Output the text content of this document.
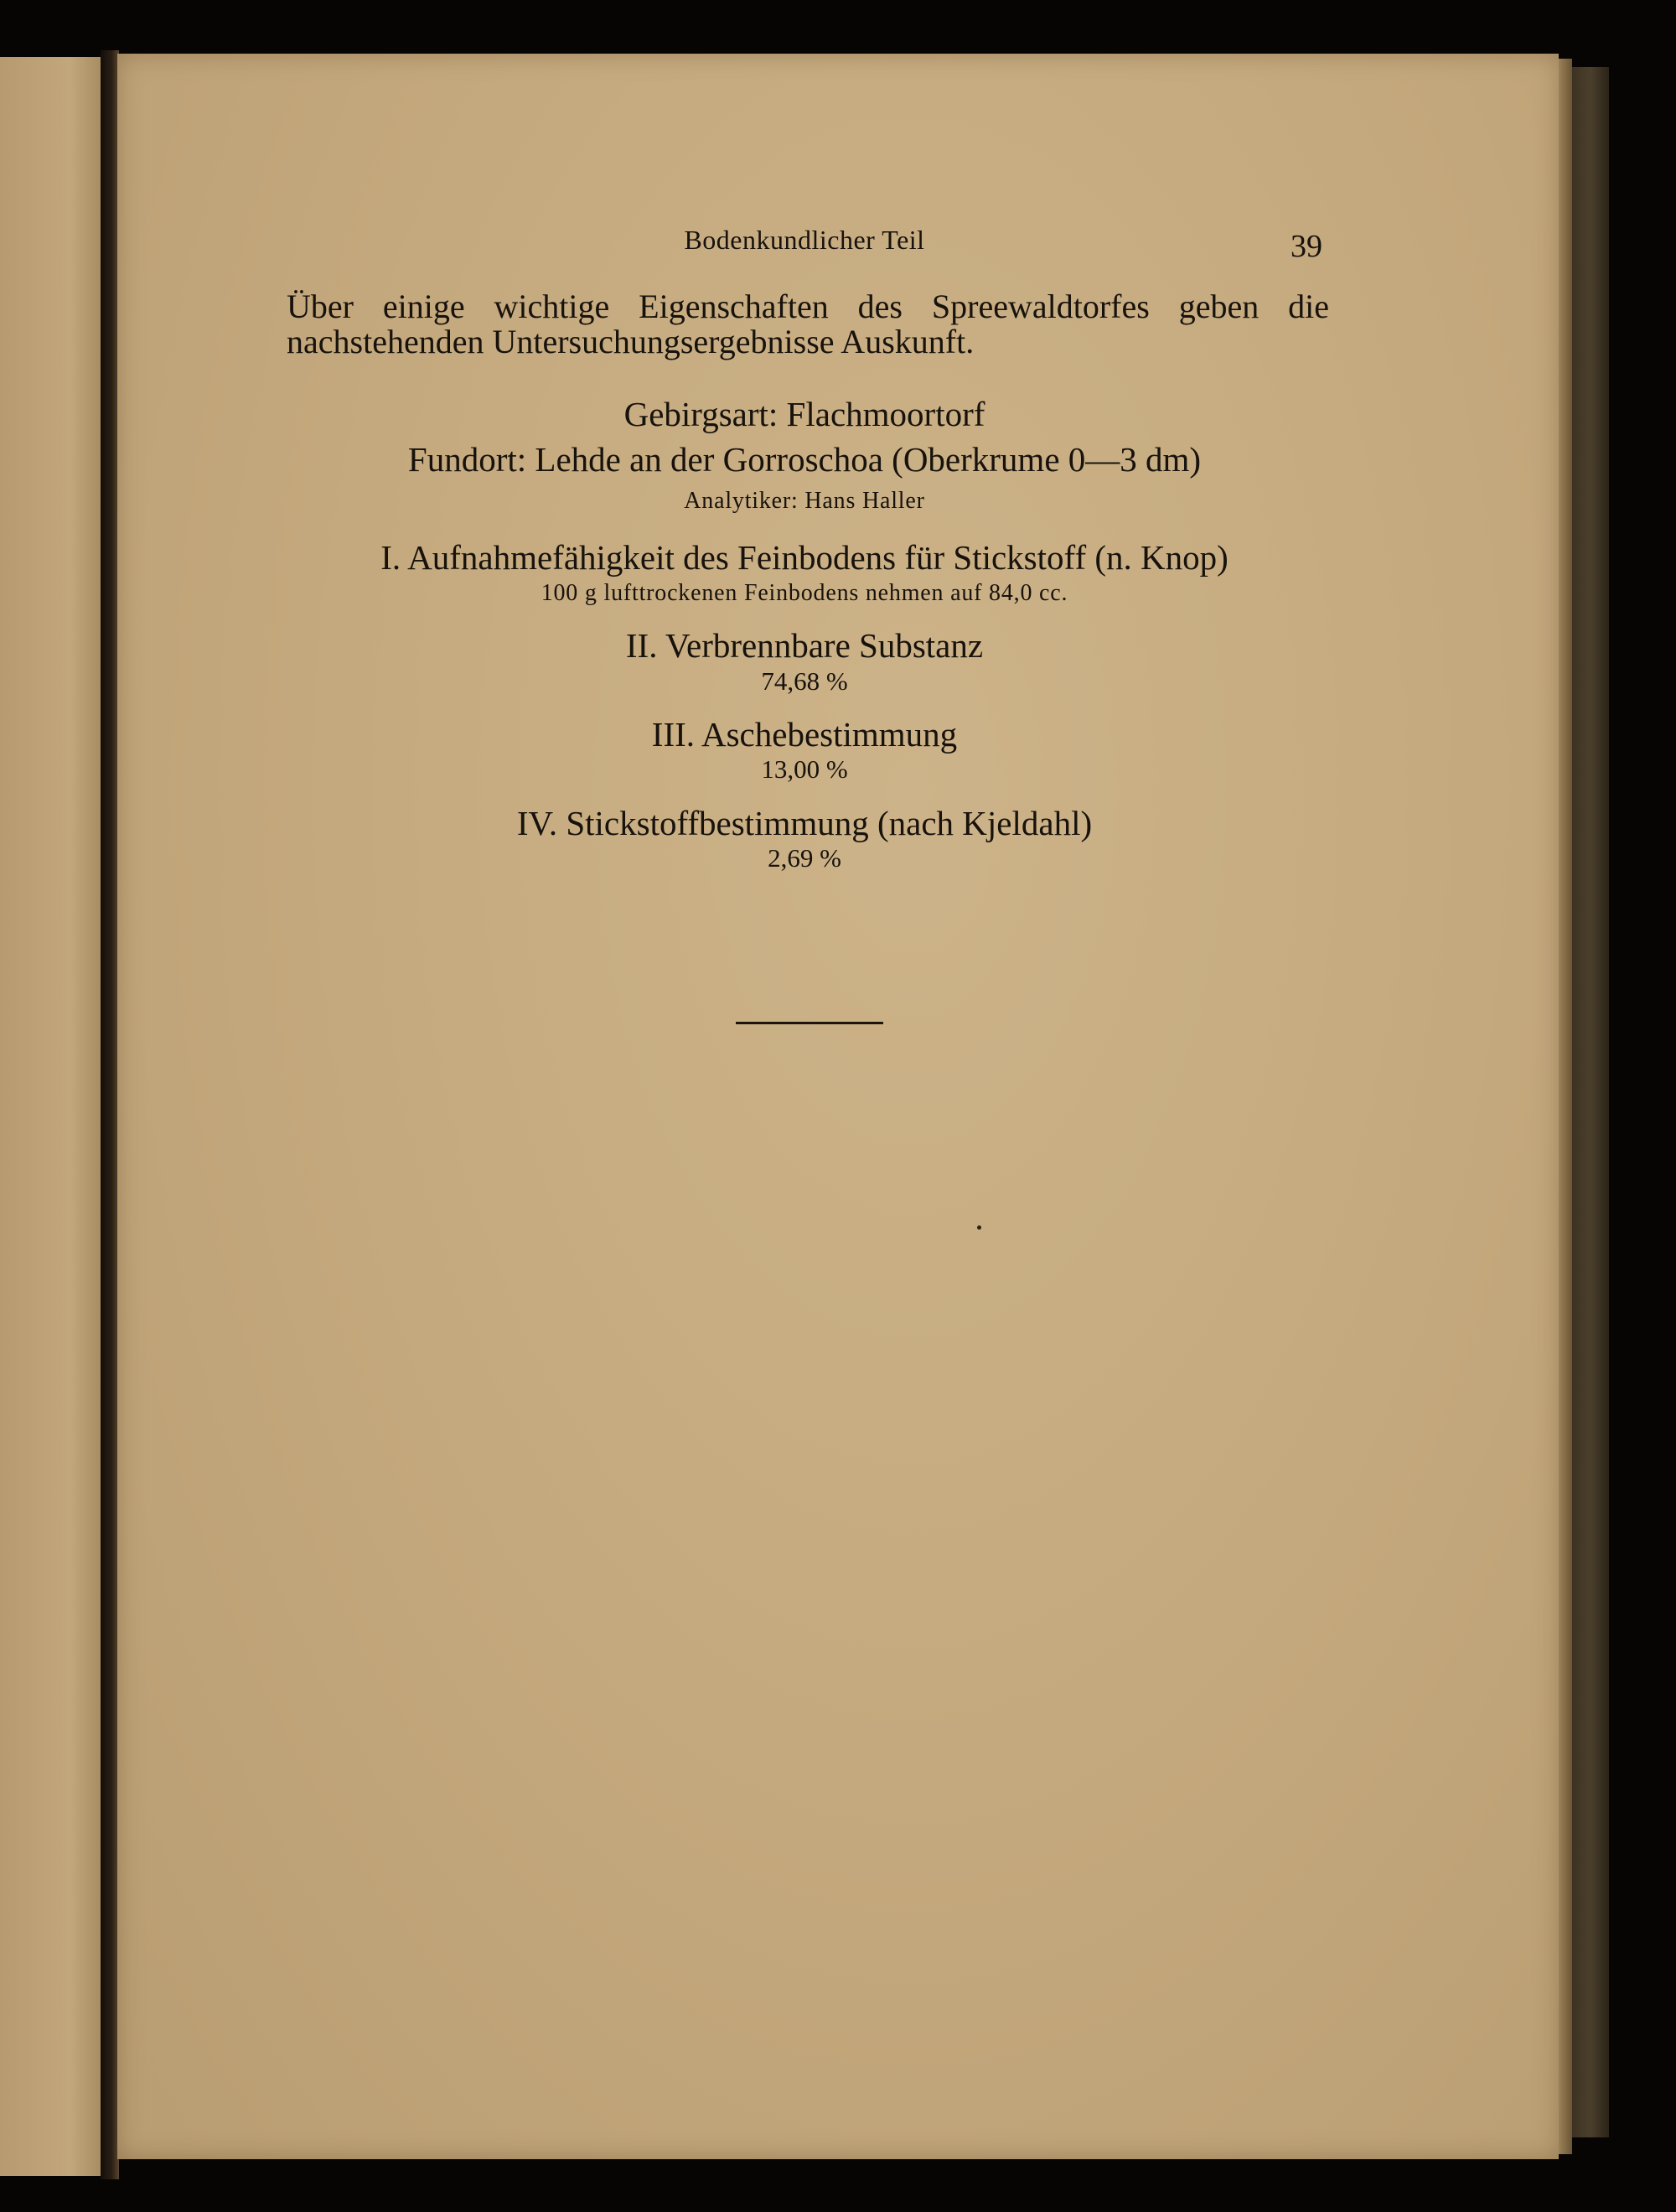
Bodenkundlicher Teil	39
Über einige wichtige Eigenschaften des Spreewaldtorfes geben die nachstehenden Untersuchungsergebnisse Auskunft.
Gebirgsart: Flachmoortorf
Fundort: Lehde an der Gorroschoa (Oberkrume 0—3 dm)
Analytiker: Hans Haller
I. Aufnahmefähigkeit des Feinbodens für Stickstoff (n. Knop)
100 g lufttrockenen Feinbodens nehmen auf 84,0 cc.
II. Verbrennbare Substanz
74,68 %
III. Aschebestimmung
13,00 %
IV. Stickstoffbestimmung (nach Kjeldahl)
2,69 %
